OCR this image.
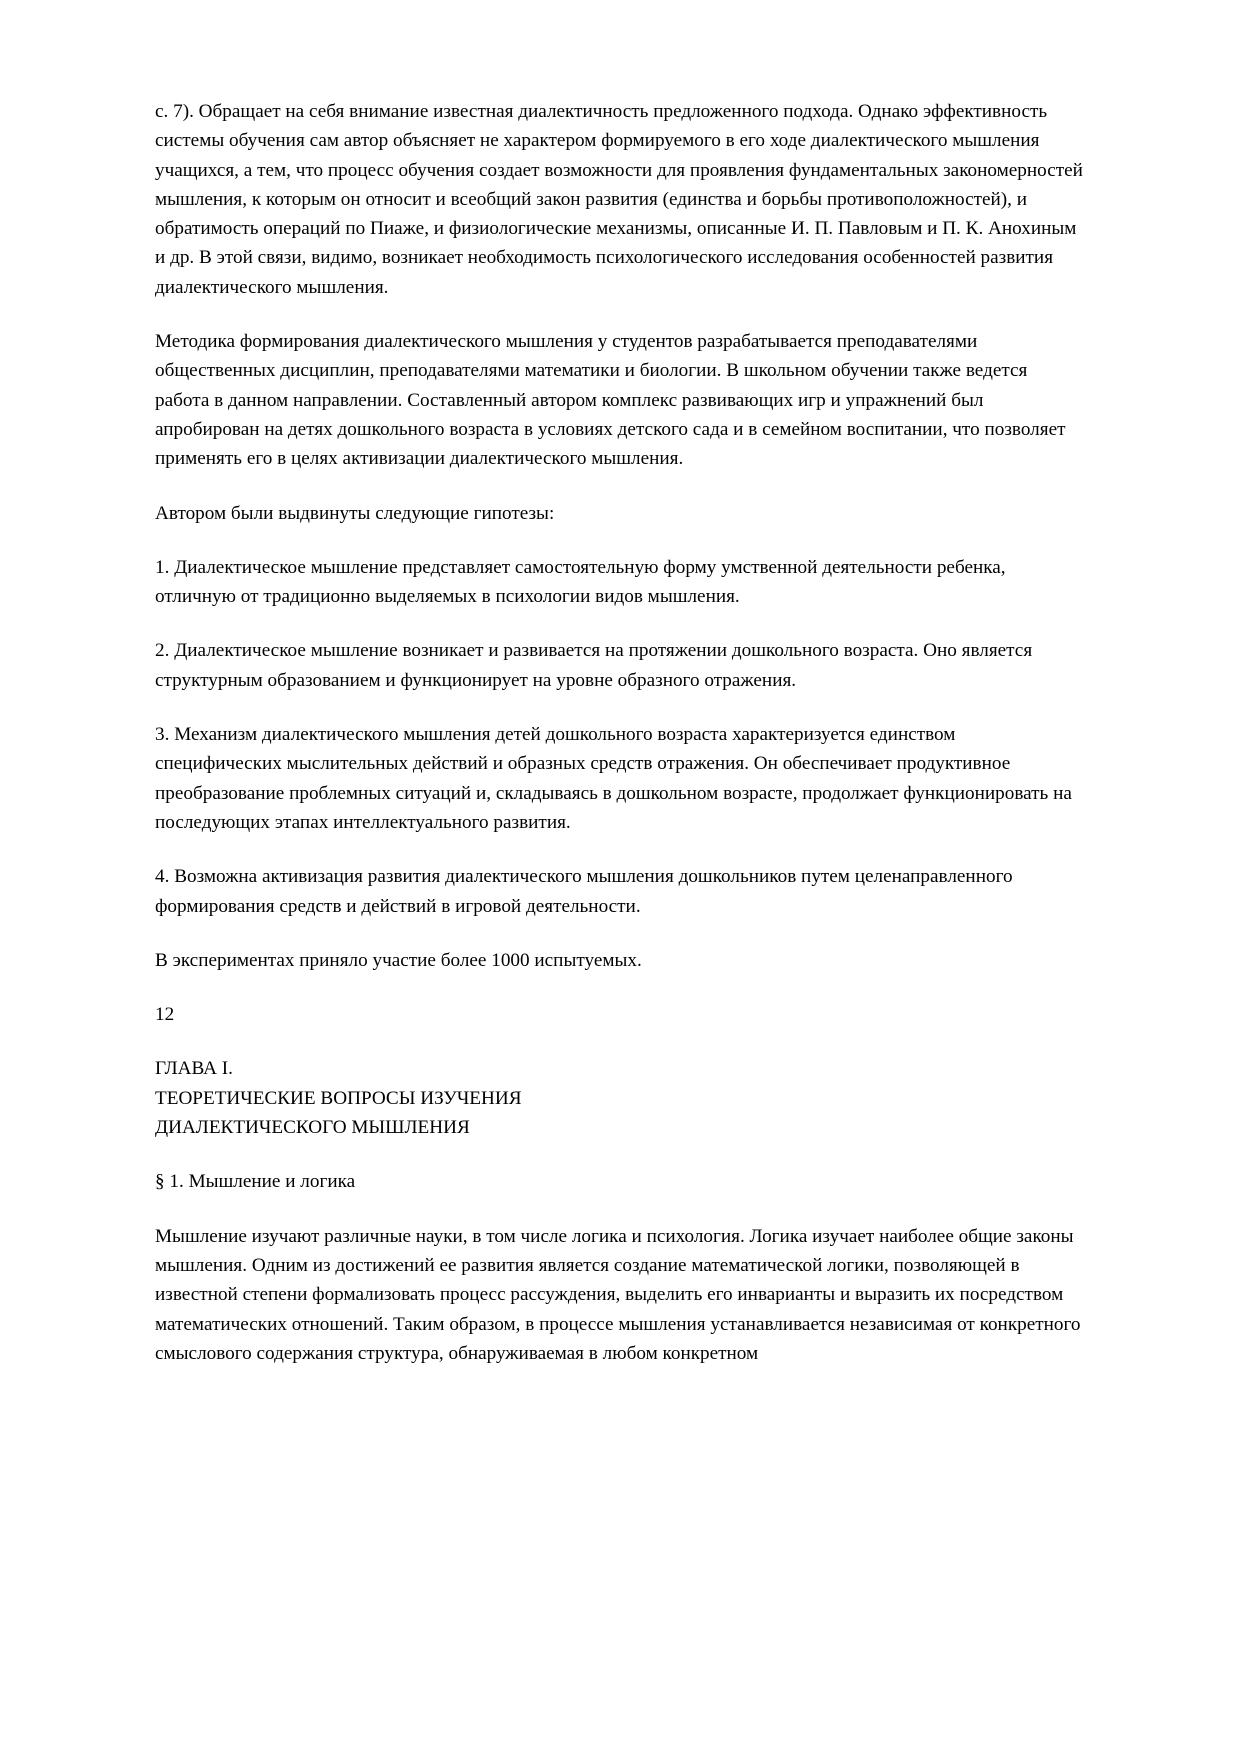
с. 7). Обращает на себя внимание известная диалектичность предложенного подхода. Однако эффективность системы обучения сам автор объясняет не характером формируемого в его ходе диалектического мышления учащихся, а тем, что процесс обучения создает возможности для проявления фундаментальных закономерностей мышления, к которым он относит и всеобщий закон развития (единства и борьбы противоположностей), и обратимость операций по Пиаже, и физиологические механизмы, описанные И. П. Павловым и П. К. Анохиным и др. В этой связи, видимо, возникает необходимость психологического исследования особенностей развития диалектического мышления.

Методика формирования диалектического мышления у студентов разрабатывается преподавателями общественных дисциплин, преподавателями математики и биологии. В школьном обучении также ведется работа в данном направлении. Составленный автором комплекс развивающих игр и упражнений был апробирован на детях дошкольного возраста в условиях детского сада и в семейном воспитании, что позволяет применять его в целях активизации диалектического мышления.

Автором были выдвинуты следующие гипотезы:

1. Диалектическое мышление представляет самостоятельную форму умственной деятельности ребенка, отличную от традиционно выделяемых в психологии видов мышления.

2. Диалектическое мышление возникает и развивается на протяжении дошкольного возраста. Оно является структурным образованием и функционирует на уровне образного отражения.

3. Механизм диалектического мышления детей дошкольного возраста характеризуется единством специфических мыслительных действий и образных средств отражения. Он обеспечивает продуктивное преобразование проблемных ситуаций и, складываясь в дошкольном возрасте, продолжает функционировать на последующих этапах интеллектуального развития.

4. Возможна активизация развития диалектического мышления дошкольников путем целенаправленного формирования средств и действий в игровой деятельности.

В экспериментах приняло участие более 1000 испытуемых.

12

ГЛАВА I.
ТЕОРЕТИЧЕСКИЕ ВОПРОСЫ ИЗУЧЕНИЯ
ДИАЛЕКТИЧЕСКОГО МЫШЛЕНИЯ

§ 1. Мышление и логика

Мышление изучают различные науки, в том числе логика и психология. Логика изучает наиболее общие законы мышления. Одним из достижений ее развития является создание математической логики, позволяющей в известной степени формализовать процесс рассуждения, выделить его инварианты и выразить их посредством математических отношений. Таким образом, в процессе мышления устанавливается независимая от конкретного смыслового содержания структура, обнаруживаемая в любом конкретном
